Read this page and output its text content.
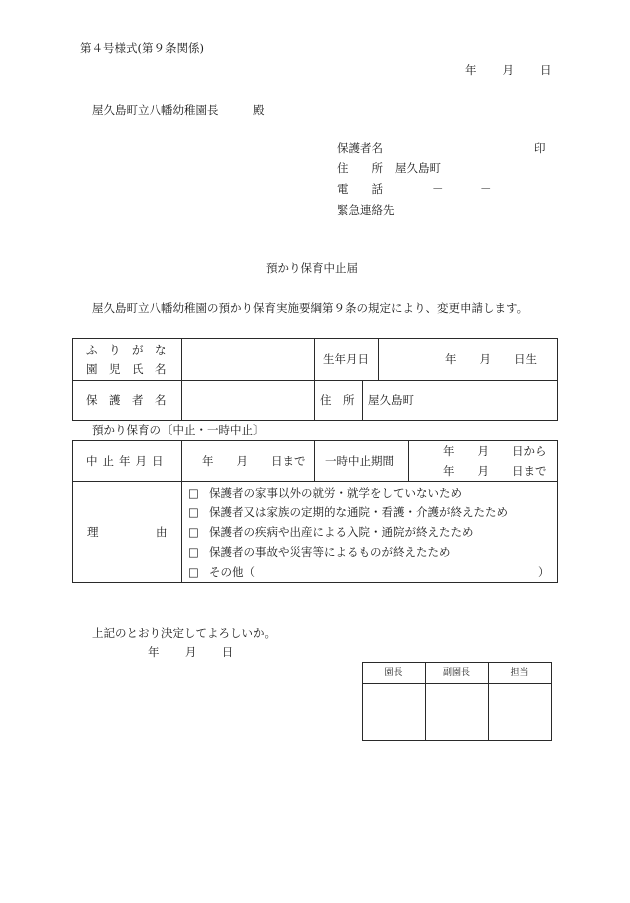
第４号様式(第９条関係)
年　　月　　日
屋久島町立八幡幼稚園長	殿
保護者名	印
住　　所 屋久島町
電　　話	－	－
緊急連絡先
預かり保育中止届
屋久島町立八幡幼稚園の預かり保育実施要綱第９条の規定により、変更申請します。
ふ　り　が　な
園　児　氏　名
生年月日	年　　月　　日生
保　護　者　名	住　所 屋久島町
預かり保育の〔中止・一時中止〕
中止年月日	年　　月　　日まで 一時中止期間
年　　月　　日から
年　　月　　日まで
理　　　　　由
□ 保護者の家事以外の就労・就学をしていないため
□ 保護者又は家族の定期的な通院・看護・介護が終えたため
□ 保護者の疾病や出産による入院・通院が終えたため
□ 保護者の事故や災害等によるものが終えたため
□ その他（	）
上記のとおり決定してよろしいか。
年　　月　　日
園長	副園長	担当
